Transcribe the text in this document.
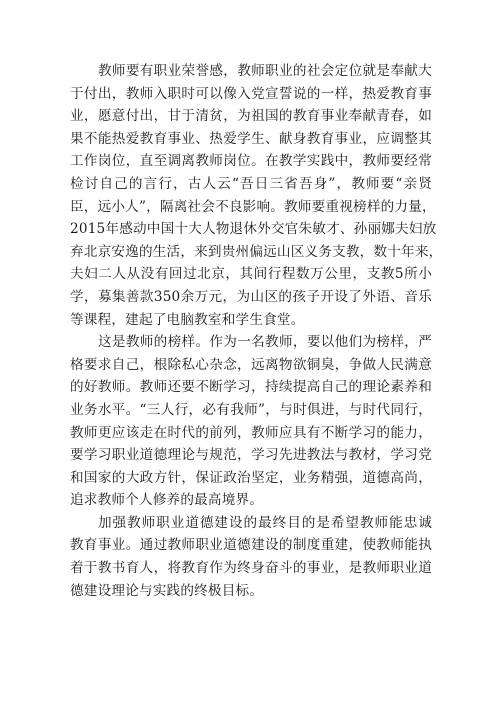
教师要有职业荣誉感，教师职业的社会定位就是奉献大
于付出，教师入职时可以像入党宣誓说的一样，热爱教育事
业，愿意付出，甘于清贫，为祖国的教育事业奉献青春，如
果不能热爱教育事业、热爱学生、献身教育事业，应调整其
工作岗位，直至调离教师岗位。在教学实践中，教师要经常
检讨自己的言行，古人云“吾日三省吾身”，教师要“亲贤
臣，远小人”，隔离社会不良影响。教师要重视榜样的力量，
2015年感动中国十大人物退休外交官朱敏才、孙丽娜夫妇放
弃北京安逸的生活，来到贵州偏远山区义务支教，数十年来，
夫妇二人从没有回过北京，其间行程数万公里，支教5所小
学，募集善款350余万元，为山区的孩子开设了外语、音乐
等课程，建起了电脑教室和学生食堂。
这是教师的榜样。作为一名教师，要以他们为榜样，严
格要求自己，根除私心杂念，远离物欲铜臭，争做人民满意
的好教师。教师还要不断学习，持续提高自己的理论素养和
业务水平。“三人行，必有我师”，与时俱进，与时代同行，
教师更应该走在时代的前列，教师应具有不断学习的能力，
要学习职业道德理论与规范，学习先进教法与教材，学习党
和国家的大政方针，保证政治坚定，业务精强，道德高尚，
追求教师个人修养的最高境界。
加强教师职业道德建设的最终目的是希望教师能忠诚
教育事业。通过教师职业道德建设的制度重建，使教师能执
着于教书育人，将教育作为终身奋斗的事业，是教师职业道
德建设理论与实践的终极目标。
